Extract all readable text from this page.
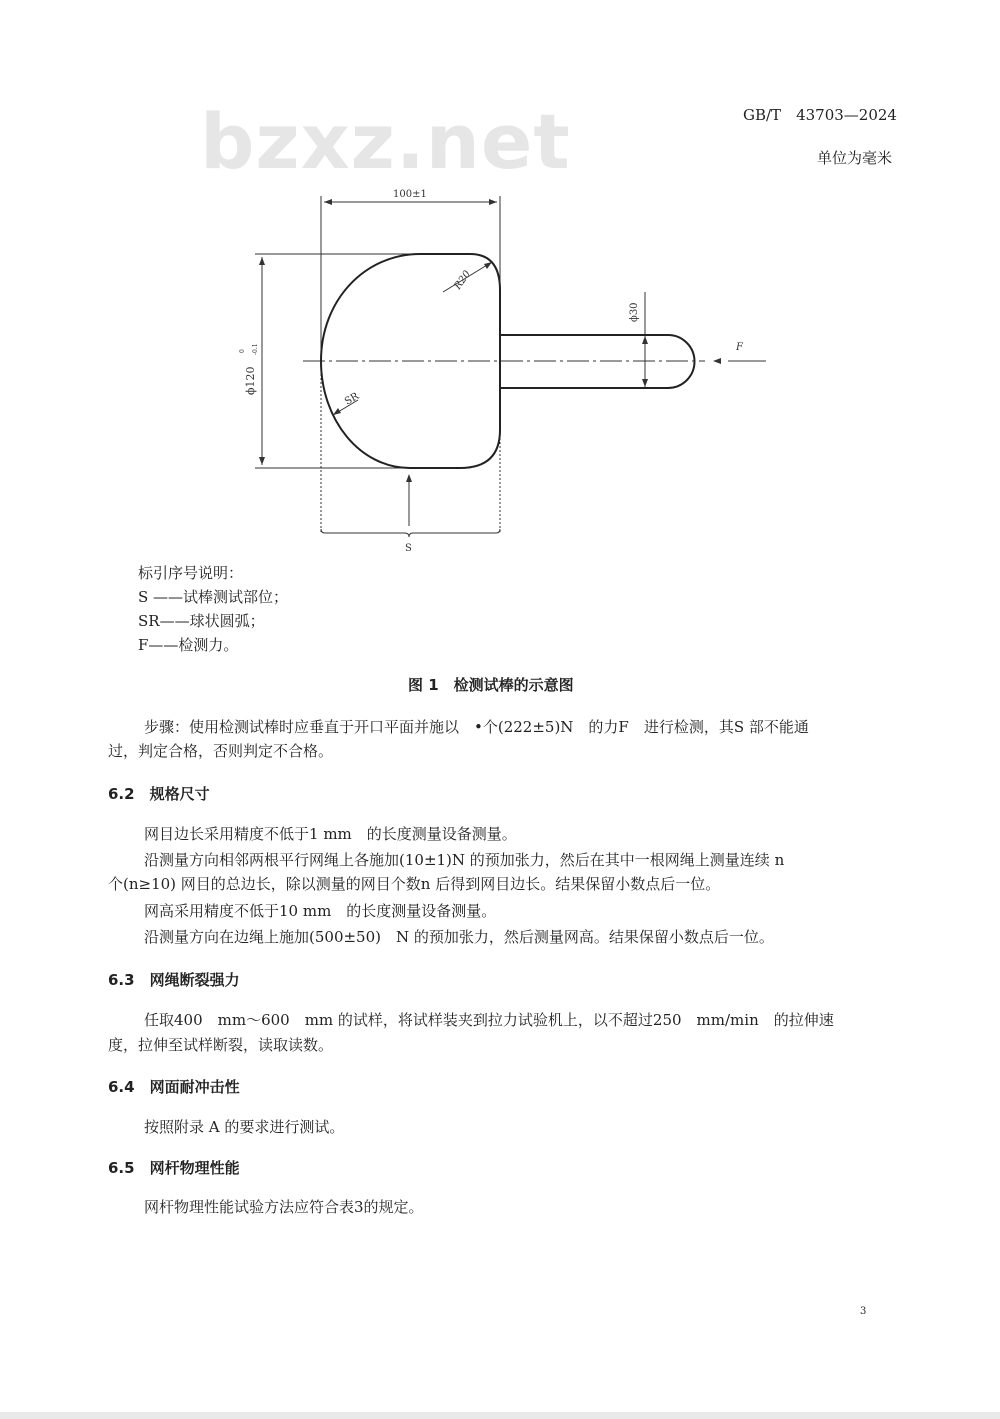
GB/T　43703—2024
单位为毫米
bzxz.net
100±1
ϕ120
0 -0.1
R20
SR
ϕ30
F
S
标引序号说明：
S ——试棒测试部位；
SR——球状圆弧；
F——检测力。
图 1　检测试棒的示意图
步骤：使用检测试棒时应垂直于开口平面并施以　•个(222±5)N　的力F　进行检测，其S 部不能通
过，判定合格，否则判定不合格。
6.2　规格尺寸
网目边长采用精度不低于1 mm　的长度测量设备测量。
沿测量方向相邻两根平行网绳上各施加(10±1)N 的预加张力，然后在其中一根网绳上测量连续 n
个(n≥10) 网目的总边长，除以测量的网目个数n 后得到网目边长。结果保留小数点后一位。
网高采用精度不低于10 mm　的长度测量设备测量。
沿测量方向在边绳上施加(500±50)　N 的预加张力，然后测量网高。结果保留小数点后一位。
6.3　网绳断裂强力
任取400　mm～600　mm 的试样，将试样装夹到拉力试验机上，以不超过250　mm/min　的拉伸速
度，拉伸至试样断裂，读取读数。
6.4　网面耐冲击性
按照附录 A 的要求进行测试。
6.5　网杆物理性能
网杆物理性能试验方法应符合表3的规定。
3
